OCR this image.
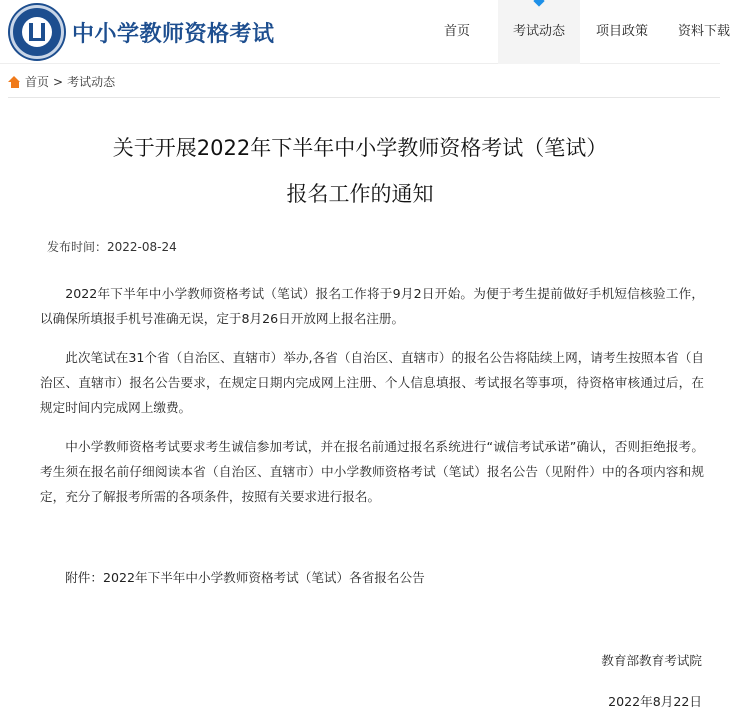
中小学教师资格考试	首页	考试动态	项目政策 资料下载
首页 > 考试动态
关于开展2022年下半年中小学教师资格考试（笔试）
报名工作的通知
发布时间：2022-08-24

2022年下半年中小学教师资格考试（笔试）报名工作将于9月2日开始。为便于考生提前做好手机短信核验工作，以确保所填报手机号准确无误，定于8月26日开放网上报名注册。

此次笔试在31个省（自治区、直辖市）举办,各省（自治区、直辖市）的报名公告将陆续上网，请考生按照本省（自治区、直辖市）报名公告要求，在规定日期内完成网上注册、个人信息填报、考试报名等事项，待资格审核通过后，在规定时间内完成网上缴费。

中小学教师资格考试要求考生诚信参加考试，并在报名前通过报名系统进行“诚信考试承诺”确认，否则拒绝报考。考生须在报名前仔细阅读本省（自治区、直辖市）中小学教师资格考试（笔试）报名公告（见附件）中的各项内容和规定，充分了解报考所需的各项条件，按照有关要求进行报名。

附件：2022年下半年中小学教师资格考试（笔试）各省报名公告

教育部教育考试院
2022年8月22日
